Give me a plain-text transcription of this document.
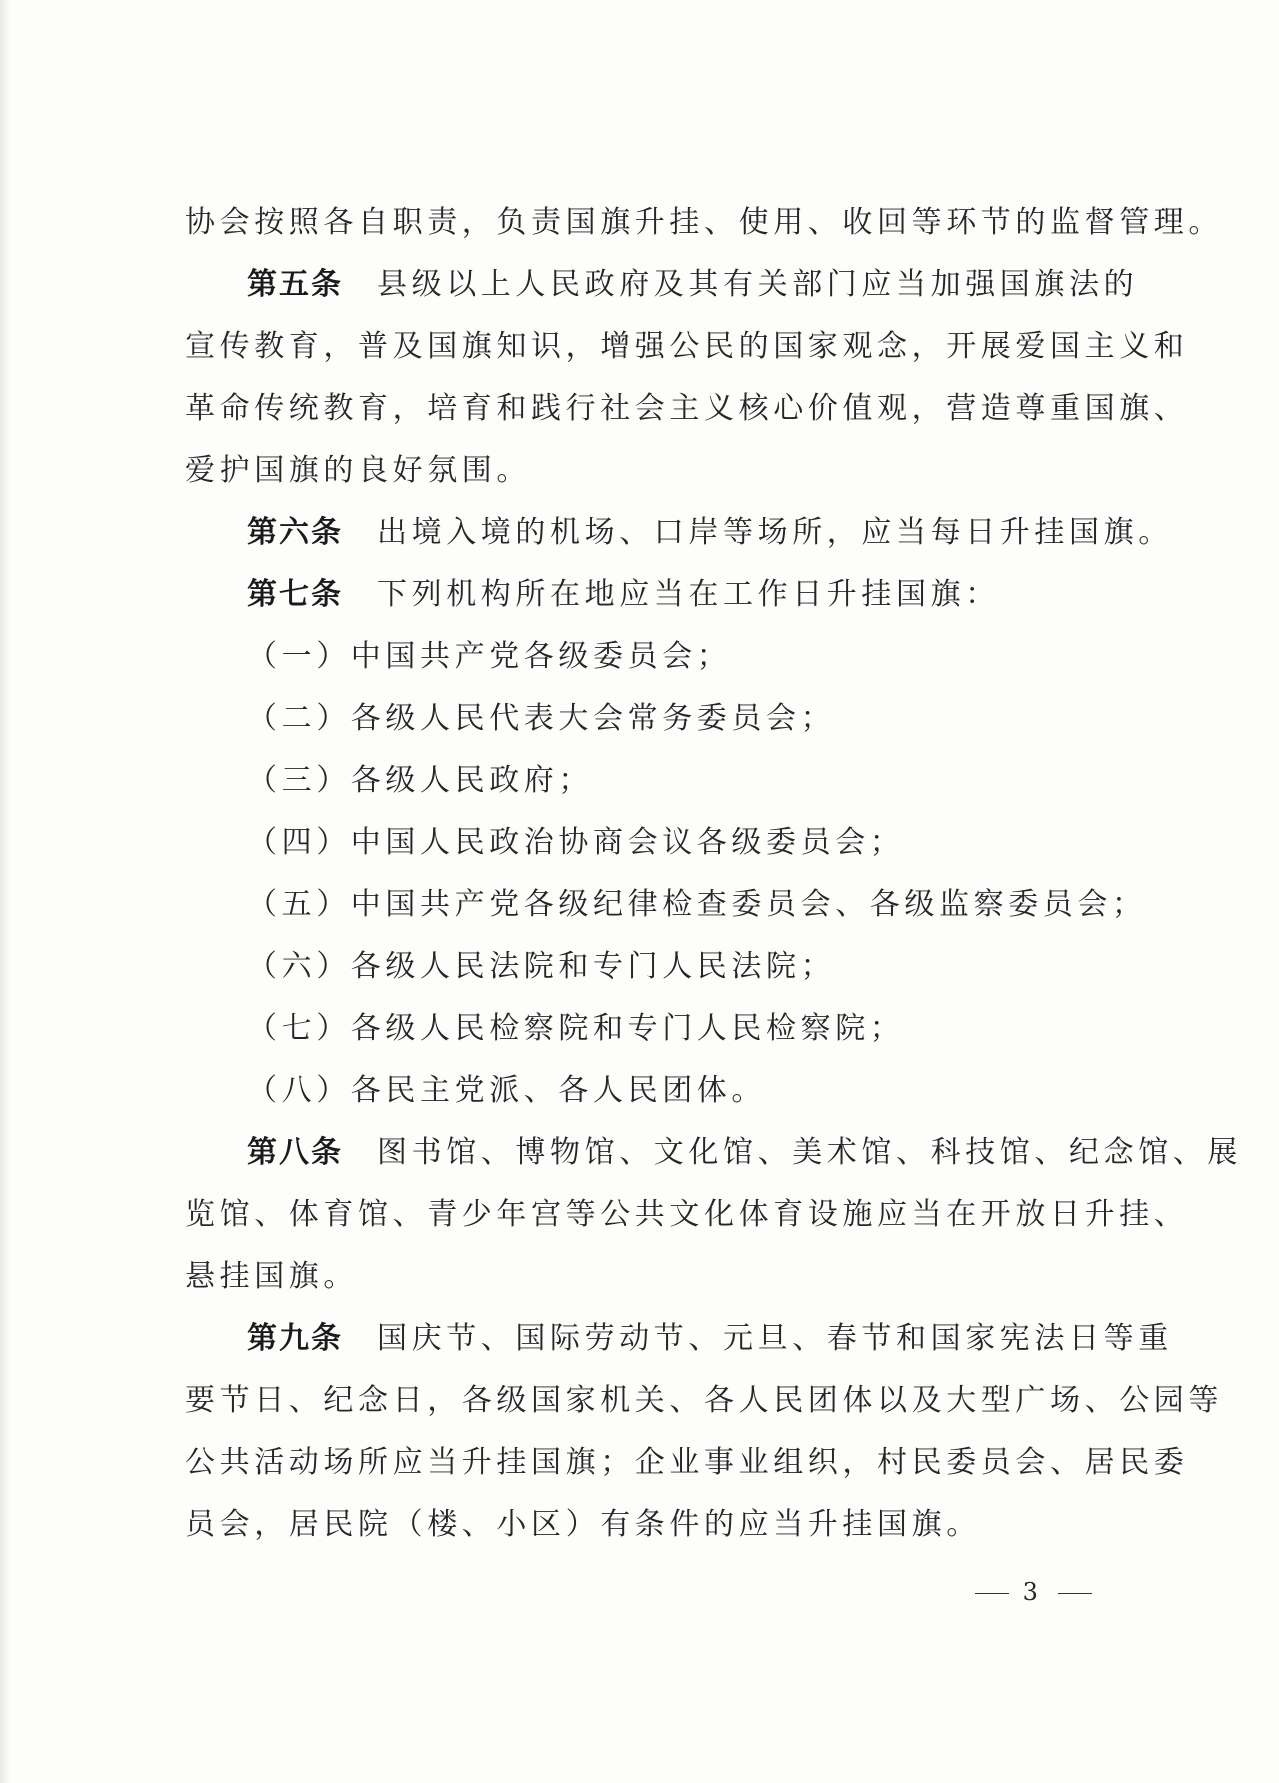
协会按照各自职责，负责国旗升挂、使用、收回等环节的监督管理。
第五条 县级以上人民政府及其有关部门应当加强国旗法的
宣传教育，普及国旗知识，增强公民的国家观念，开展爱国主义和
革命传统教育，培育和践行社会主义核心价值观，营造尊重国旗、
爱护国旗的良好氛围。
第六条 出境入境的机场、口岸等场所，应当每日升挂国旗。
第七条 下列机构所在地应当在工作日升挂国旗：
（一）中国共产党各级委员会；
（二）各级人民代表大会常务委员会；
（三）各级人民政府；
（四）中国人民政治协商会议各级委员会；
（五）中国共产党各级纪律检查委员会、各级监察委员会；
（六）各级人民法院和专门人民法院；
（七）各级人民检察院和专门人民检察院；
（八）各民主党派、各人民团体。
第八条 图书馆、博物馆、文化馆、美术馆、科技馆、纪念馆、展
览馆、体育馆、青少年宫等公共文化体育设施应当在开放日升挂、
悬挂国旗。
第九条 国庆节、国际劳动节、元旦、春节和国家宪法日等重
要节日、纪念日，各级国家机关、各人民团体以及大型广场、公园等
公共活动场所应当升挂国旗；企业事业组织，村民委员会、居民委
员会，居民院（楼、小区）有条件的应当升挂国旗。
3
